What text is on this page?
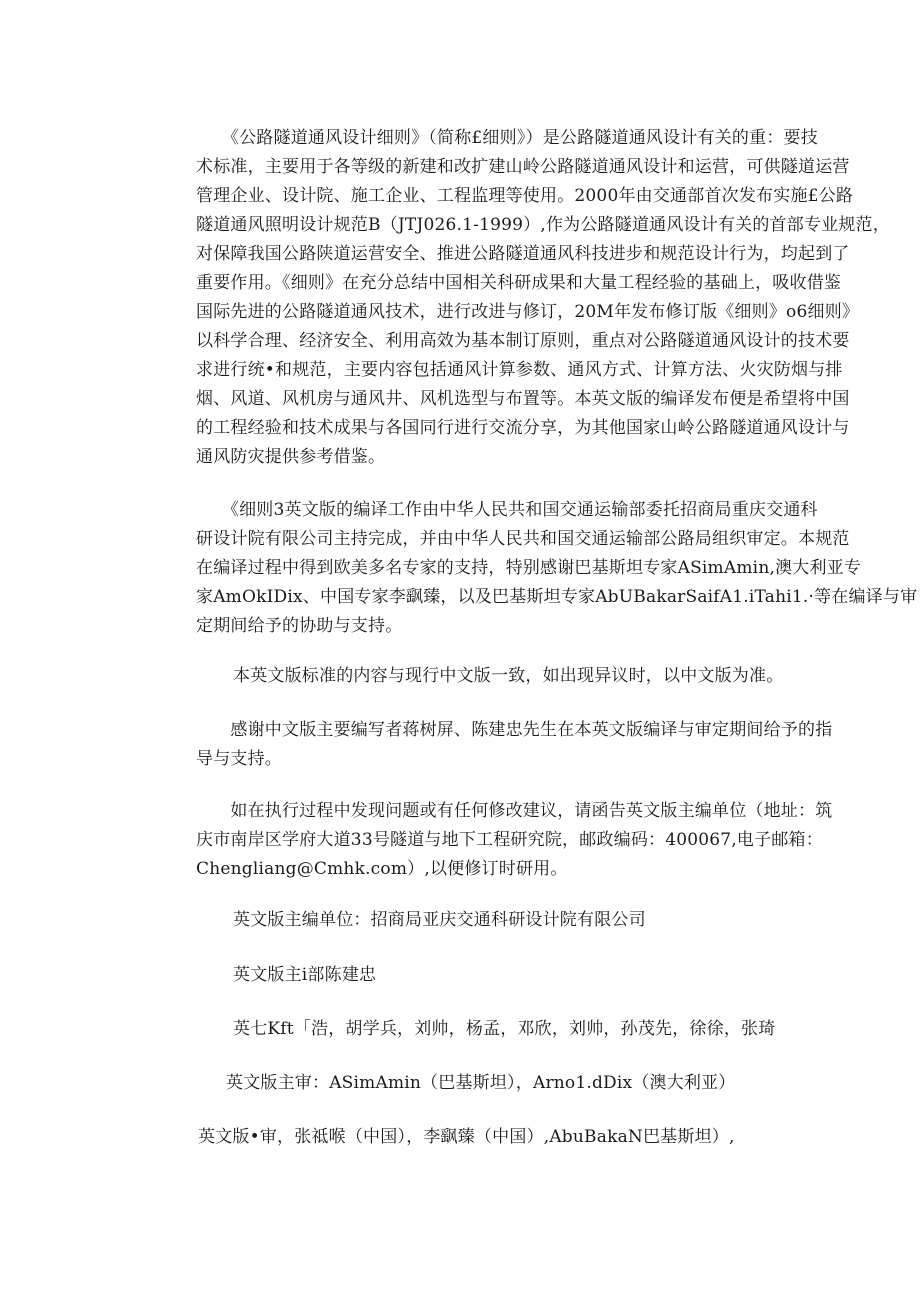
　　《公路隧道通风设计细则》（简称£细则》）是公路隧道通风设计有关的重：要技
术标准，主要用于各等级的新建和改扩建山岭公路隧道通风设计和运营，可供隧道运营
管理企业、设计院、施工企业、工程监理等使用。2000年由交通部首次发布实施£公路
隧道通风照明设计规范B（JTJ026.1-1999）,作为公路隧道通风设计有关的首部专业规范，
对保障我国公路陕道运营安全、推进公路隧道通风科技进步和规范设计行为，均起到了
重要作用。《细则》在充分总结中国相关科研成果和大量工程经验的基础上，吸收借鉴
国际先进的公路隧道通风技术，进行改进与修订，20M年发布修订版《细则》o6细则》
以科学合理、经济安全、利用高效为基本制订原则，重点对公路隧道通风设计的技术要
求进行统•和规范，主要内容包括通风计算参数、通风方式、计算方法、火灾防烟与排
烟、风道、风机房与通风井、风机选型与布置等。本英文版的编译发布便是希望将中国
的工程经验和技术成果与各国同行进行交流分享，为其他国家山岭公路隧道通风设计与
通风防灾提供参考借鉴。
　　《细则3英文版的编译工作由中华人民共和国交通运输部委托招商局重庆交通科
研设计院有限公司主持完成，并由中华人民共和国交通运输部公路局组织审定。本规范
在编译过程中得到欧美多名专家的支持，特别感谢巴基斯坦专家ASimAmin,澳大利亚专
家AmOkIDix、中国专家李飖臻，以及巴基斯坦专家AbUBakarSaifA1.iTahi1.·等在编译与审
定期间给予的协助与支持。
本英文版标准的内容与现行中文版一致，如出现异议时，以中文版为准。
　　感谢中文版主要编写者蒋树屏、陈建忠先生在本英文版编译与审定期间给予的指
导与支持。
　　如在执行过程中发现问题或有任何修改建议，请函告英文版主编单位（地址：筑
庆市南岸区学府大道33号隧道与地下工程研究院，邮政编码：400067,电子邮箱：
Chengliang@Cmhk.com）,以便修订时研用。
英文版主编单位：招商局亚庆交通科研设计院有限公司
英文版主i部陈建忠
英七Kft「浩，胡学兵，刘帅，杨孟，邓欣，刘帅，孙茂先，徐徐，张琦
英文版主审：ASimAmin（巴基斯坦），Arno1.dDix（澳大利亚）
英文版•审，张祗喉（中国），李飖臻（中国）,AbuBakaN巴基斯坦）,
